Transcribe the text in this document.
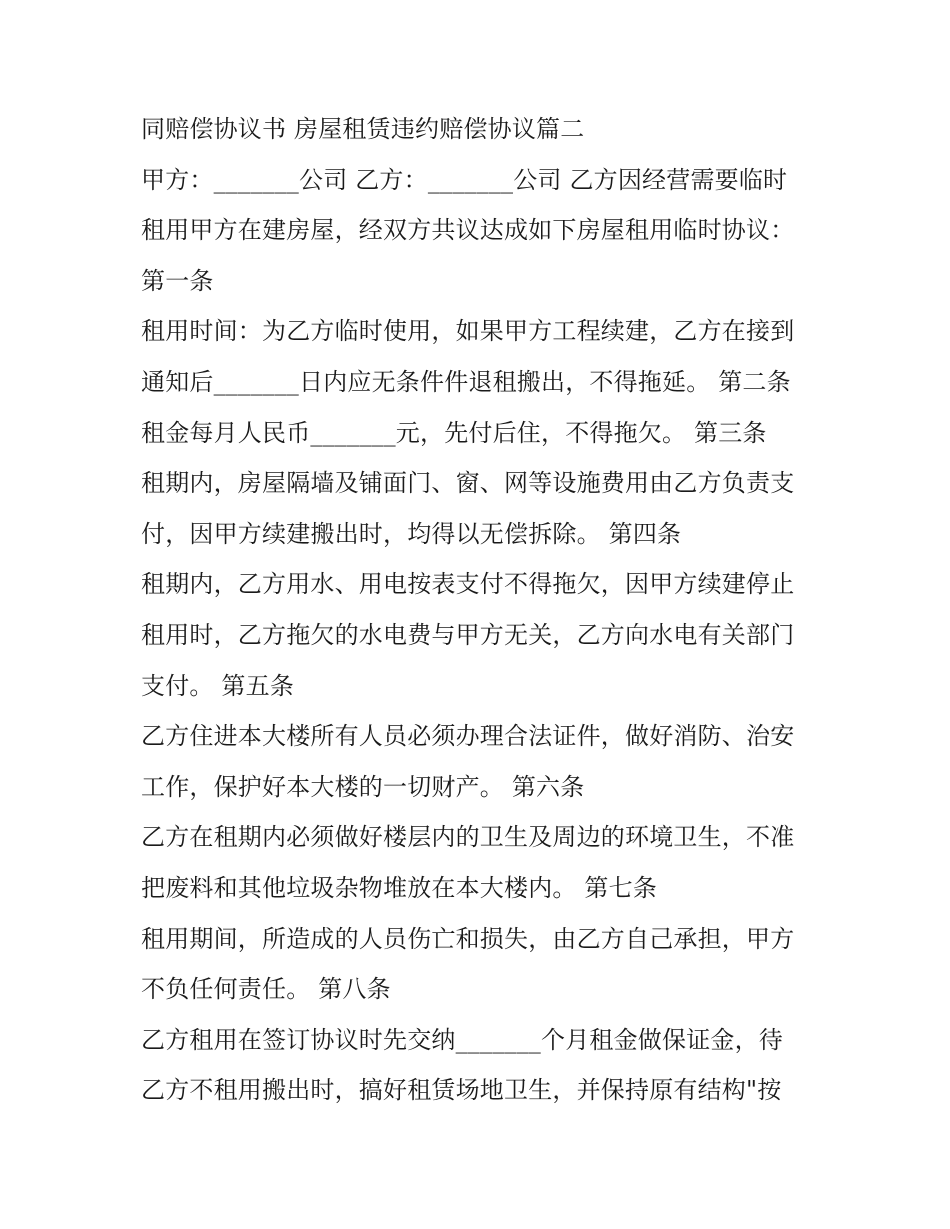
同赔偿协议书 房屋租赁违约赔偿协议篇二
甲方：_______公司 乙方：_______公司 乙方因经营需要临时
租用甲方在建房屋，经双方共议达成如下房屋租用临时协议：
第一条
租用时间：为乙方临时使用，如果甲方工程续建，乙方在接到
通知后_______日内应无条件件退租搬出，不得拖延。 第二条
租金每月人民币_______元，先付后住，不得拖欠。 第三条
租期内，房屋隔墙及铺面门、窗、网等设施费用由乙方负责支
付，因甲方续建搬出时，均得以无偿拆除。 第四条
租期内，乙方用水、用电按表支付不得拖欠，因甲方续建停止
租用时，乙方拖欠的水电费与甲方无关，乙方向水电有关部门
支付。 第五条
乙方住进本大楼所有人员必须办理合法证件，做好消防、治安
工作，保护好本大楼的一切财产。 第六条
乙方在租期内必须做好楼层内的卫生及周边的环境卫生，不准
把废料和其他垃圾杂物堆放在本大楼内。 第七条
租用期间，所造成的人员伤亡和损失，由乙方自己承担，甲方
不负任何责任。 第八条
乙方租用在签订协议时先交纳_______个月租金做保证金，待
乙方不租用搬出时，搞好租赁场地卫生，并保持原有结构"按
